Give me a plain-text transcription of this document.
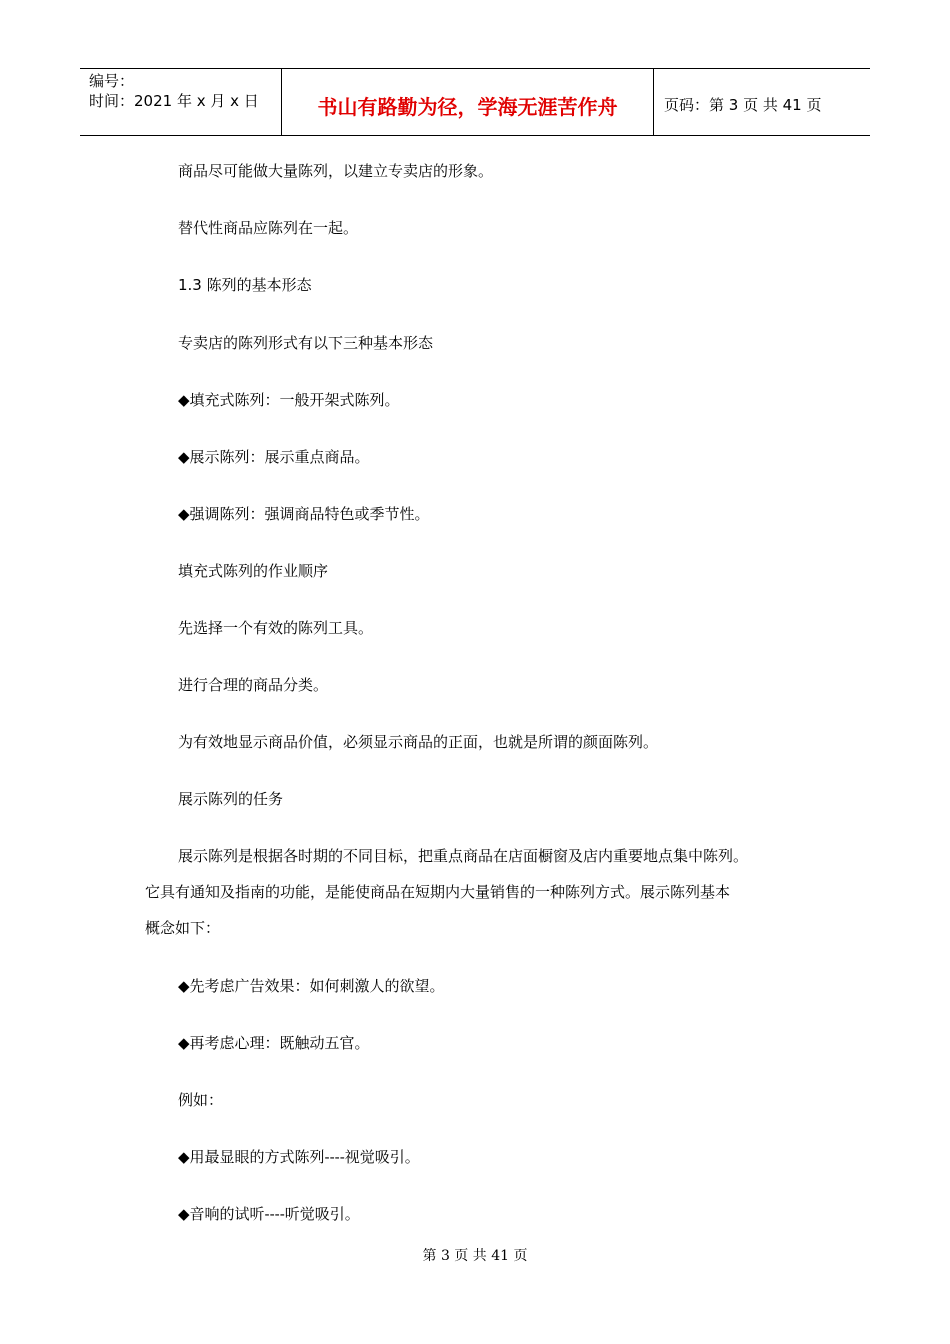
编号：
时间：2021 年 x 月 x 日	书山有路勤为径，学海无涯苦作舟	页码：第 3 页 共 41 页
商品尽可能做大量陈列，以建立专卖店的形象。
替代性商品应陈列在一起。
1.3 陈列的基本形态
专卖店的陈列形式有以下三种基本形态
◆填充式陈列：一般开架式陈列。
◆展示陈列：展示重点商品。
◆强调陈列：强调商品特色或季节性。
填充式陈列的作业顺序
先选择一个有效的陈列工具。
进行合理的商品分类。
为有效地显示商品价值，必须显示商品的正面，也就是所谓的颜面陈列。
展示陈列的任务
展示陈列是根据各时期的不同目标，把重点商品在店面橱窗及店内重要地点集中陈列。
它具有通知及指南的功能，是能使商品在短期内大量销售的一种陈列方式。展示陈列基本
概念如下：
◆先考虑广告效果：如何刺激人的欲望。
◆再考虑心理：既触动五官。
例如：
◆用最显眼的方式陈列----视觉吸引。
◆音响的试听----听觉吸引。
第 3 页 共 41 页
